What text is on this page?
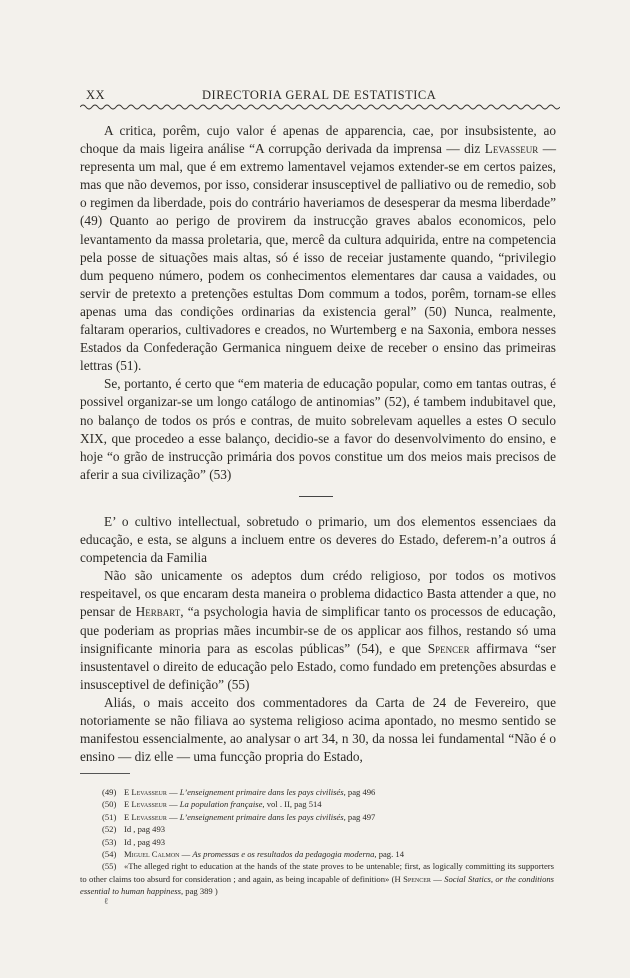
XX	DIRECTORIA GERAL DE ESTATISTICA

A critica, porêm, cujo valor é apenas de apparencia, cae, por insubsistente, ao choque da mais ligeira análise “A corrupção derivada da imprensa — diz Levasseur — representa um mal, que é em extremo lamentavel vejamos extender-se em certos paizes, mas que não devemos, por isso, considerar insusceptivel de palliativo ou de remedio, sob o regimen da liberdade, pois do contrário haveriamos de desesperar da mesma liberdade” (49) Quanto ao perigo de provirem da instrucção graves abalos economicos, pelo levantamento da massa proletaria, que, mercê da cultura adquirida, entre na competencia pela posse de situações mais altas, só é isso de receiar justamente quando, “privilegio dum pequeno número, podem os conhecimentos elementares dar causa a vaidades, ou servir de pretexto a pretenções estultas Dom commum a todos, porêm, tornam-se elles apenas uma das condições ordinarias da existencia geral” (50) Nunca, realmente, faltaram operarios, cultivadores e creados, no Wurtemberg e na Saxonia, embora nesses Estados da Confederação Germanica ninguem deixe de receber o ensino das primeiras lettras (51).

Se, portanto, é certo que “em materia de educação popular, como em tantas outras, é possivel organizar-se um longo catálogo de antinomias” (52), é tambem indubitavel que, no balanço de todos os prós e contras, de muito sobrelevam aquelles a estes O seculo XIX, que procedeo a esse balanço, decidio-se a favor do desenvolvimento do ensino, e hoje “o grão de instrucção primária dos povos constitue um dos meios mais precisos de aferir a sua civilização” (53)

E’ o cultivo intellectual, sobretudo o primario, um dos elementos essenciaes da educação, e esta, se alguns a incluem entre os deveres do Estado, deferem-n’a outros á competencia da Familia

Não são unicamente os adeptos dum crédo religioso, por todos os motivos respeitavel, os que encaram desta maneira o problema didactico Basta attender a que, no pensar de Herbart, “a psychologia havia de simplificar tanto os processos de educação, que poderiam as proprias mães incumbir-se de os applicar aos filhos, restando só uma insignificante minoria para as escolas públicas” (54), e que Spencer affirmava “ser insustentavel o direito de educação pelo Estado, como fundado em pretenções absurdas e insusceptivel de definição” (55)

Aliás, o mais acceito dos commentadores da Carta de 24 de Fevereiro, que notoriamente se não filiava ao systema religioso acima apontado, no mesmo sentido se manifestou essencialmente, ao analysar o art 34, n 30, da nossa lei fundamental “Não é o ensino — diz elle — uma funcção propria do Estado,

(49) E Levasseur — L’enseignement primaire dans les pays civilisés, pag 496

(50) E Levasseur — La population française, vol . II, pag 514

(51) E Levasseur — L’enseignement primaire dans les pays civilisés, pag 497

(52) Id , pag 493

(53) Id , pag 493

(54) Miguel Calmon — As promessas e os resultados da pedagogia moderna, pag. 14

(55) «The alleged right to education at the hands of the state proves to be untenable; first, as logically committing its supporters to other claims too absurd for consideration ; and again, as being incapable of definition» (H Spencer — Social Statics, or the conditions essential to human happiness, pag 389 )

ℓ
